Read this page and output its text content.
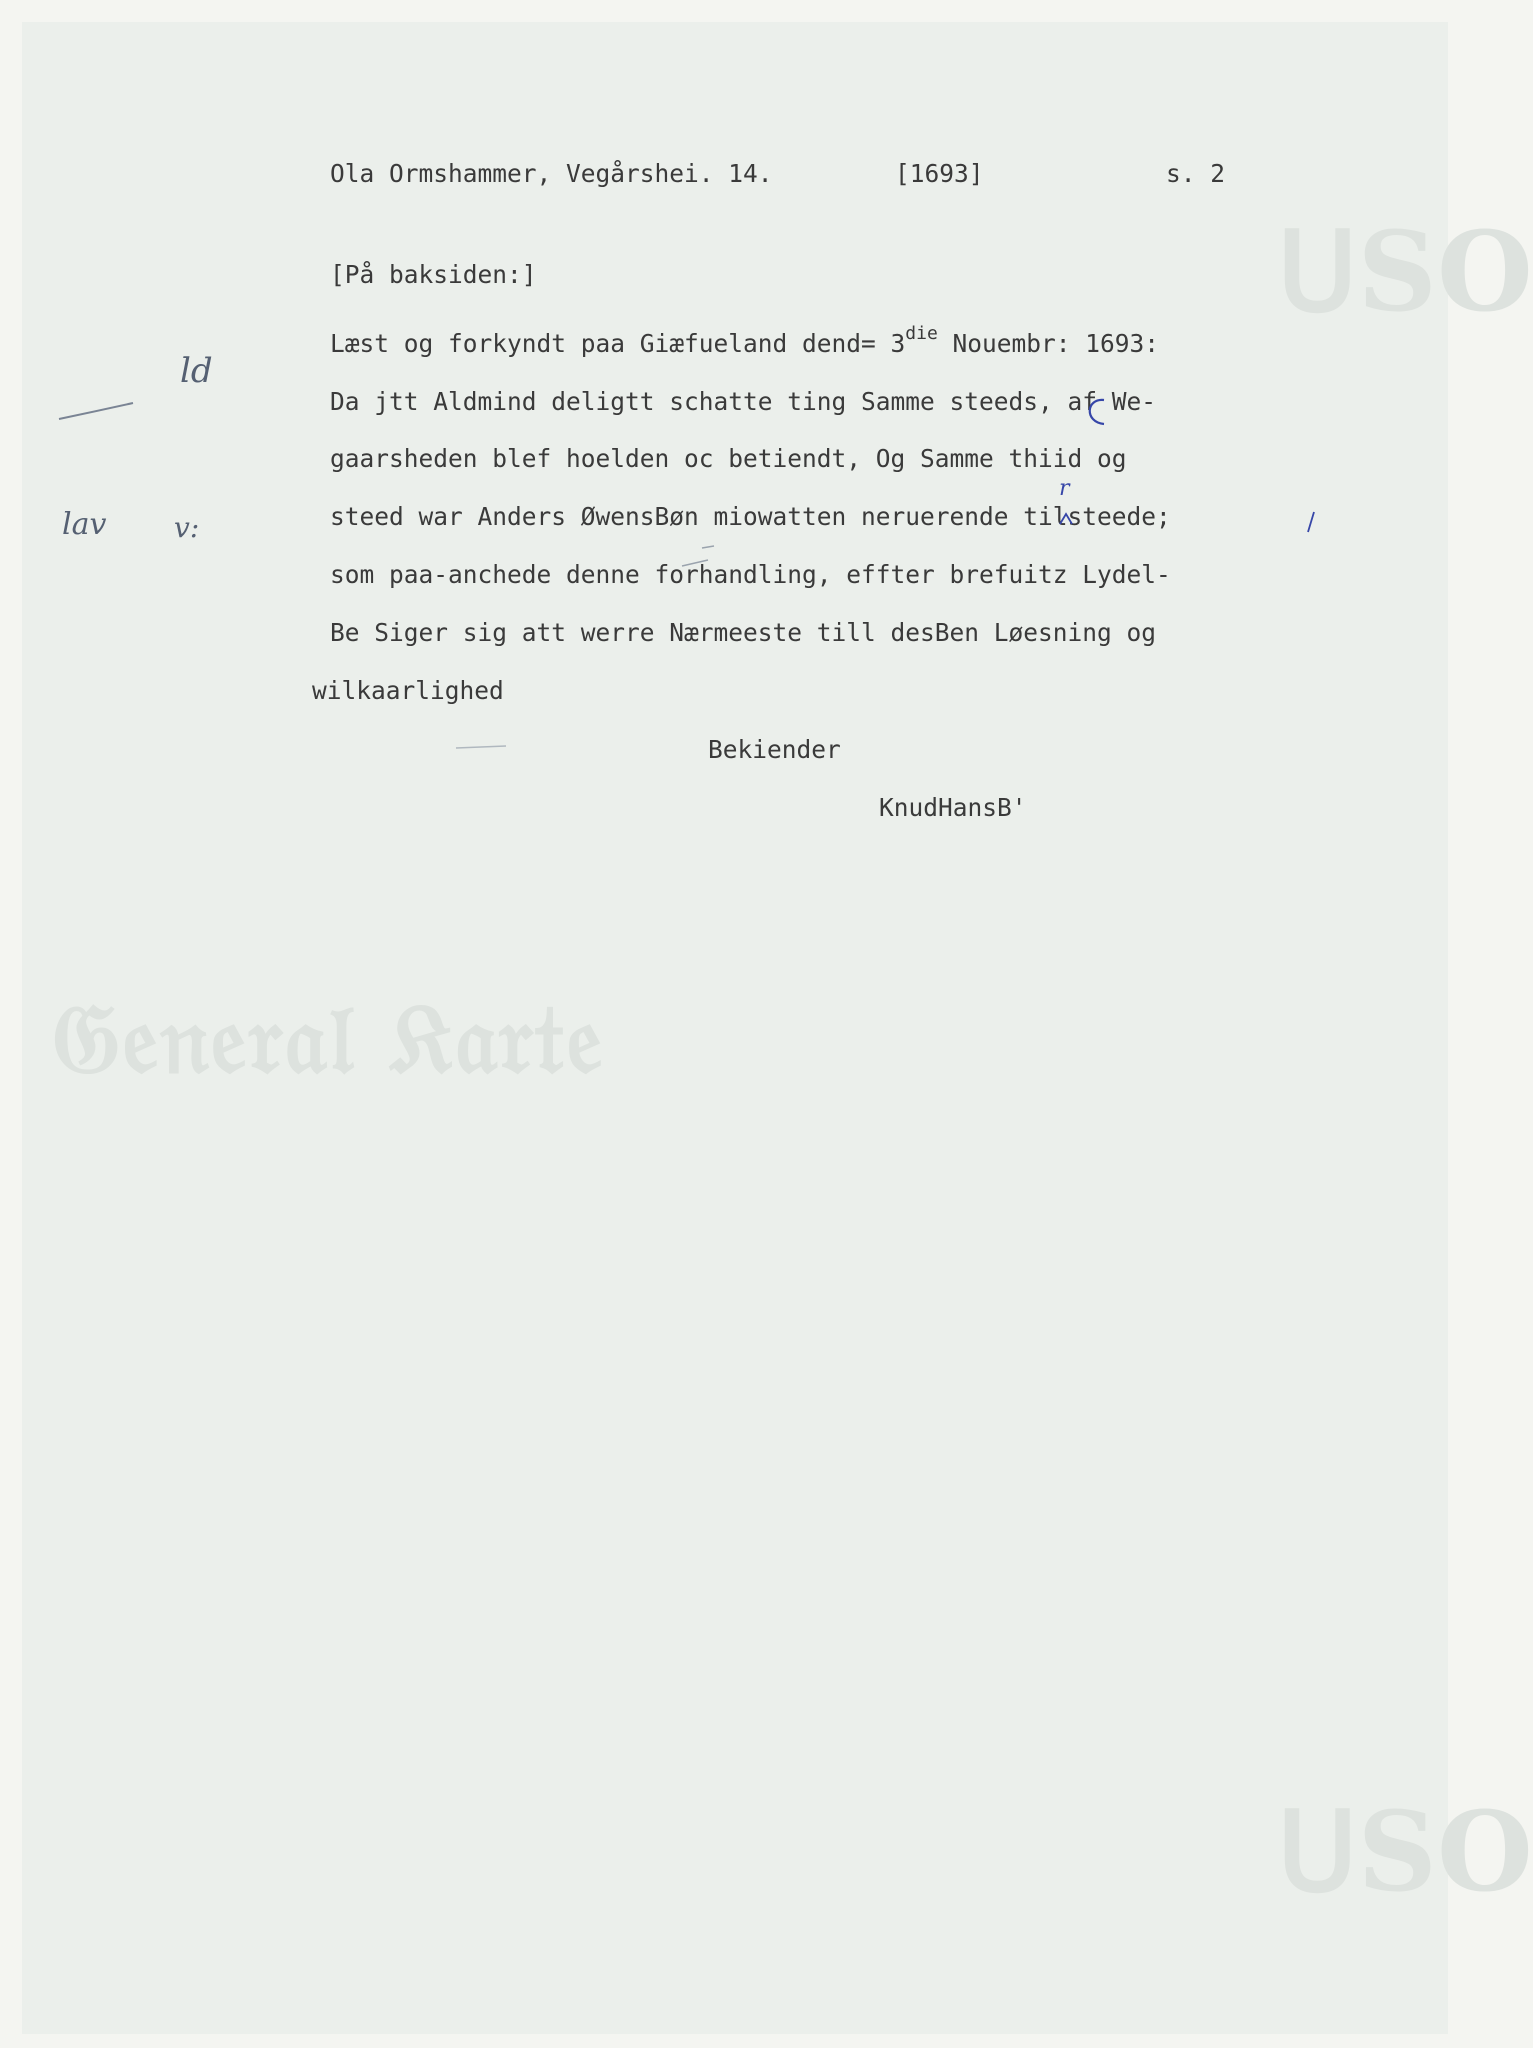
𝔊𝔢𝔫𝔢𝔯𝔞𝔩 𝔎𝔞𝔯𝔱𝔢
ᑌSO
ᑌSO
Ola Ormshammer, Vegårshei. 14.	[1693]	s. 2
[På baksiden:]
Læst og forkyndt paa Giæfueland dend= $3^{die}$ Nouembr: 1693:
Da jtt Aldmind deligtt schatte ting Samme steeds, af We-
gaarsheden blef hoelden oc betiendt, Og Samme thiid og
steed war Anders ØwensBøn miowatten neruerende tilsteede;
som paa-anchede denne forhandling, effter brefuitz Lydel-
Be Siger sig att werre Nærmeeste till desBen Løesning og
wilkaarlighed
Bekiender
KnudHansB'
ld
lav v:
r
